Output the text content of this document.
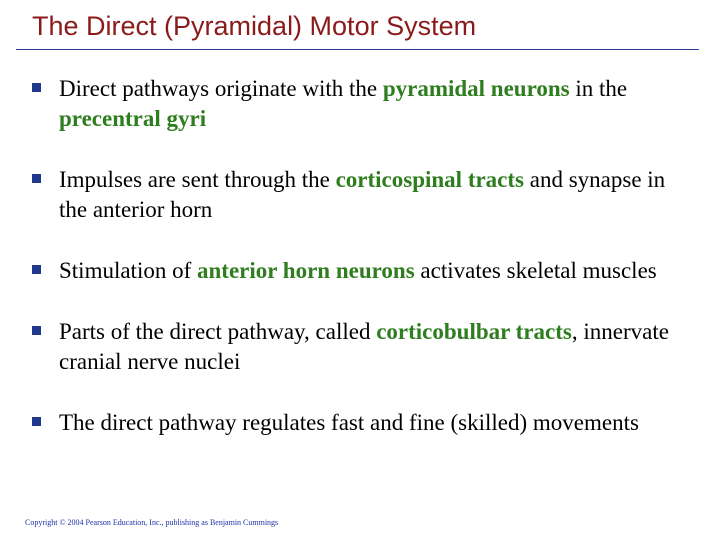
The Direct (Pyramidal) Motor System
Direct pathways originate with the pyramidal neurons in the precentral gyri
Impulses are sent through the corticospinal tracts and synapse in the anterior horn
Stimulation of anterior horn neurons activates skeletal muscles
Parts of the direct pathway, called corticobulbar tracts, innervate cranial nerve nuclei
The direct pathway regulates fast and fine (skilled) movements
Copyright © 2004 Pearson Education, Inc., publishing as Benjamin Cummings
